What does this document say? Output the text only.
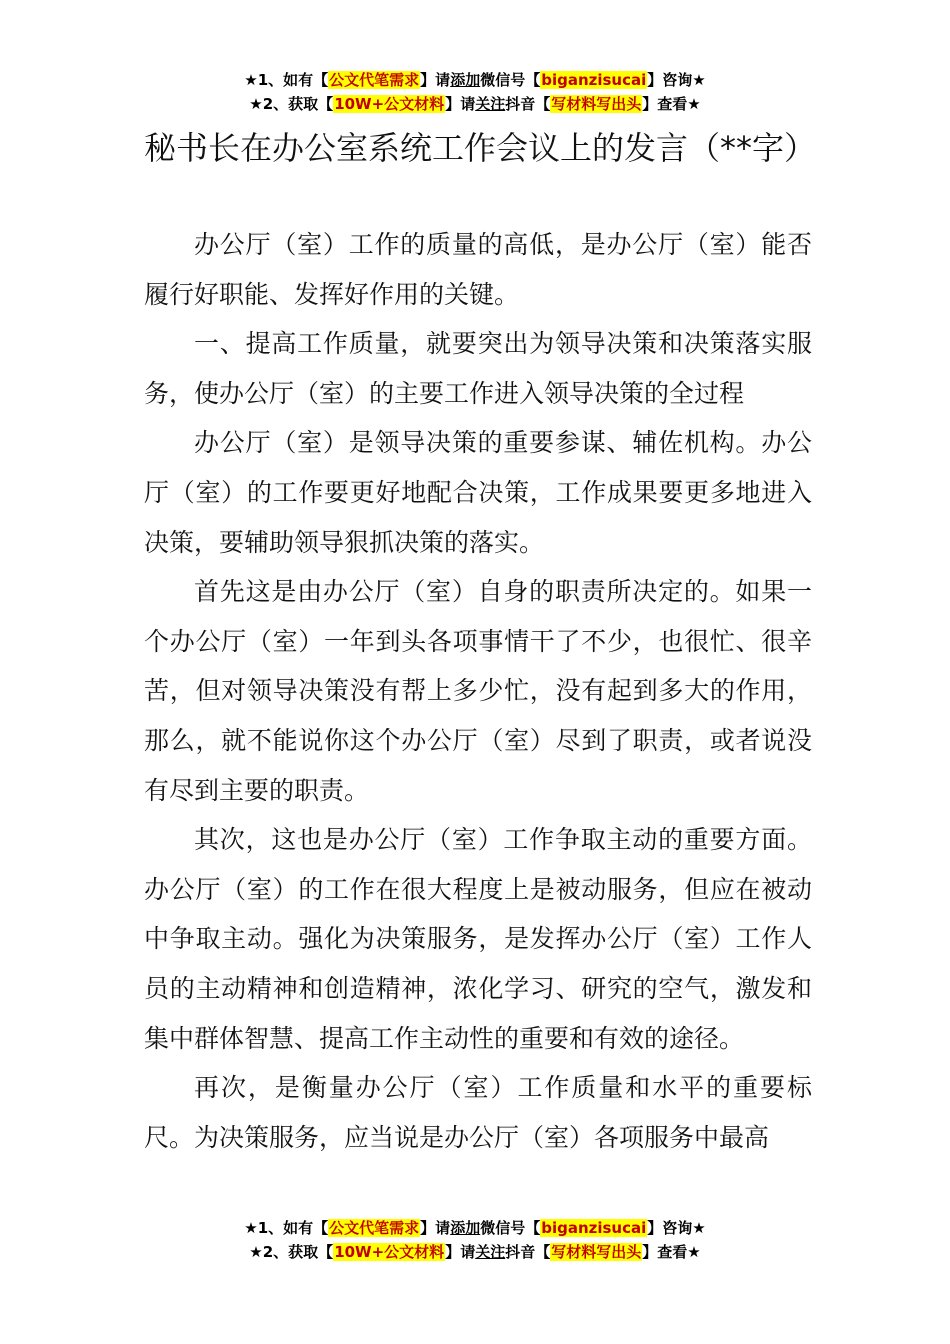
★1、如有【公文代笔需求】请添加微信号【biganzisucai】咨询★
★2、获取【10W+公文材料】请关注抖音【写材料写出头】查看★
秘书长在办公室系统工作会议上的发言（**字）

办公厅（室）工作的质量的高低，是办公厅（室）能否履行好职能、发挥好作用的关键。

一、提高工作质量，就要突出为领导决策和决策落实服务，使办公厅（室）的主要工作进入领导决策的全过程

办公厅（室）是领导决策的重要参谋、辅佐机构。办公厅（室）的工作要更好地配合决策，工作成果要更多地进入决策，要辅助领导狠抓决策的落实。

首先这是由办公厅（室）自身的职责所决定的。如果一个办公厅（室）一年到头各项事情干了不少，也很忙、很辛苦，但对领导决策没有帮上多少忙，没有起到多大的作用，那么，就不能说你这个办公厅（室）尽到了职责，或者说没有尽到主要的职责。

其次，这也是办公厅（室）工作争取主动的重要方面。办公厅（室）的工作在很大程度上是被动服务，但应在被动中争取主动。强化为决策服务，是发挥办公厅（室）工作人员的主动精神和创造精神，浓化学习、研究的空气，激发和集中群体智慧、提高工作主动性的重要和有效的途径。

再次，是衡量办公厅（室）工作质量和水平的重要标尺。为决策服务，应当说是办公厅（室）各项服务中最高

★1、如有【公文代笔需求】请添加微信号【biganzisucai】咨询★
★2、获取【10W+公文材料】请关注抖音【写材料写出头】查看★
